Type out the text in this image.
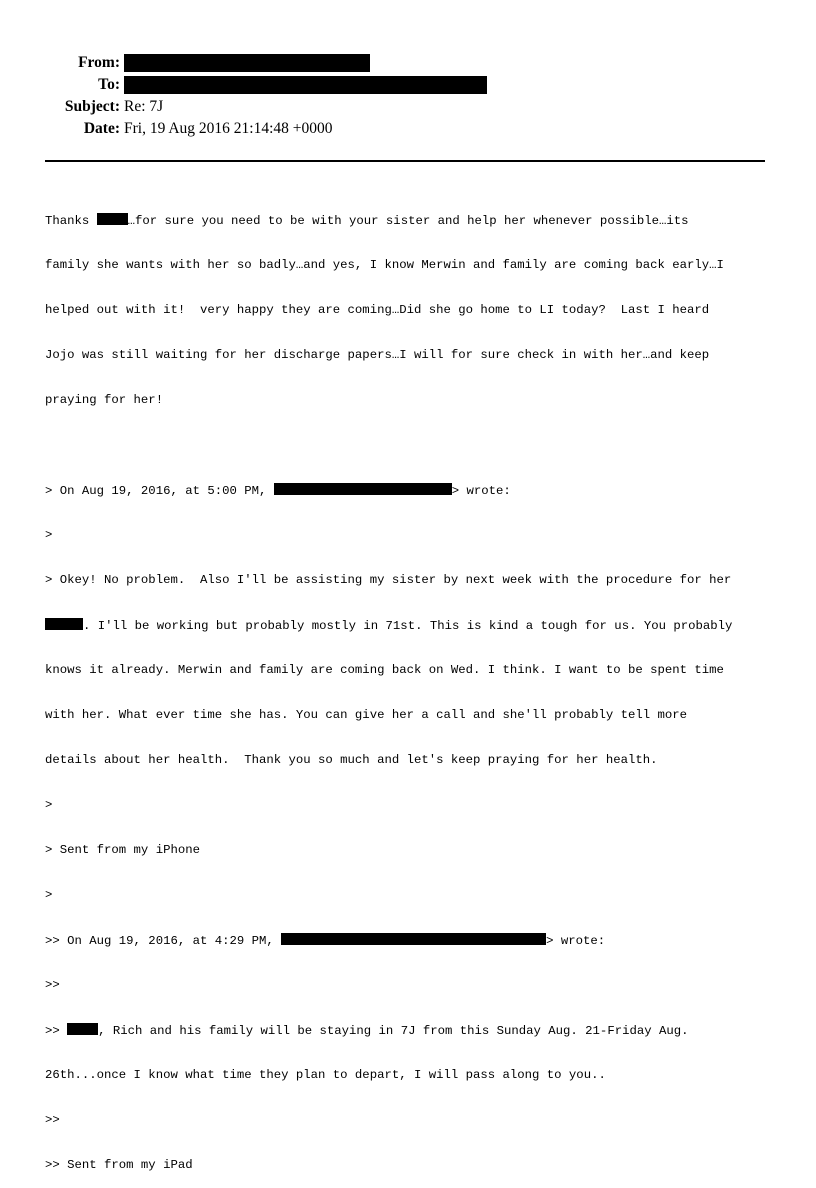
From:
To:
Subject: Re: 7J
Date: Fri, 19 Aug 2016 21:14:48 +0000

Thanks	…for sure you need to be with your sister and help her whenever possible…its

family she wants with her so badly…and yes, I know Merwin and family are coming back early…I

helped out with it!  very happy they are coming…Did she go home to LI today?  Last I heard

Jojo was still waiting for her discharge papers…I will for sure check in with her…and keep

praying for her!

> On Aug 19, 2016, at 5:00 PM,	> wrote:

>

> Okey! No problem.  Also I'll be assisting my sister by next week with the procedure for her

. I'll be working but probably mostly in 71st. This is kind a tough for us. You probably

knows it already. Merwin and family are coming back on Wed. I think. I want to be spent time

with her. What ever time she has. You can give her a call and she'll probably tell more

details about her health.  Thank you so much and let's keep praying for her health.

>

> Sent from my iPhone

>

>> On Aug 19, 2016, at 4:29 PM,	> wrote:

>>

>>	, Rich and his family will be staying in 7J from this Sunday Aug. 21-Friday Aug.

26th...once I know what time they plan to depart, I will pass along to you..

>>

>> Sent from my iPad
